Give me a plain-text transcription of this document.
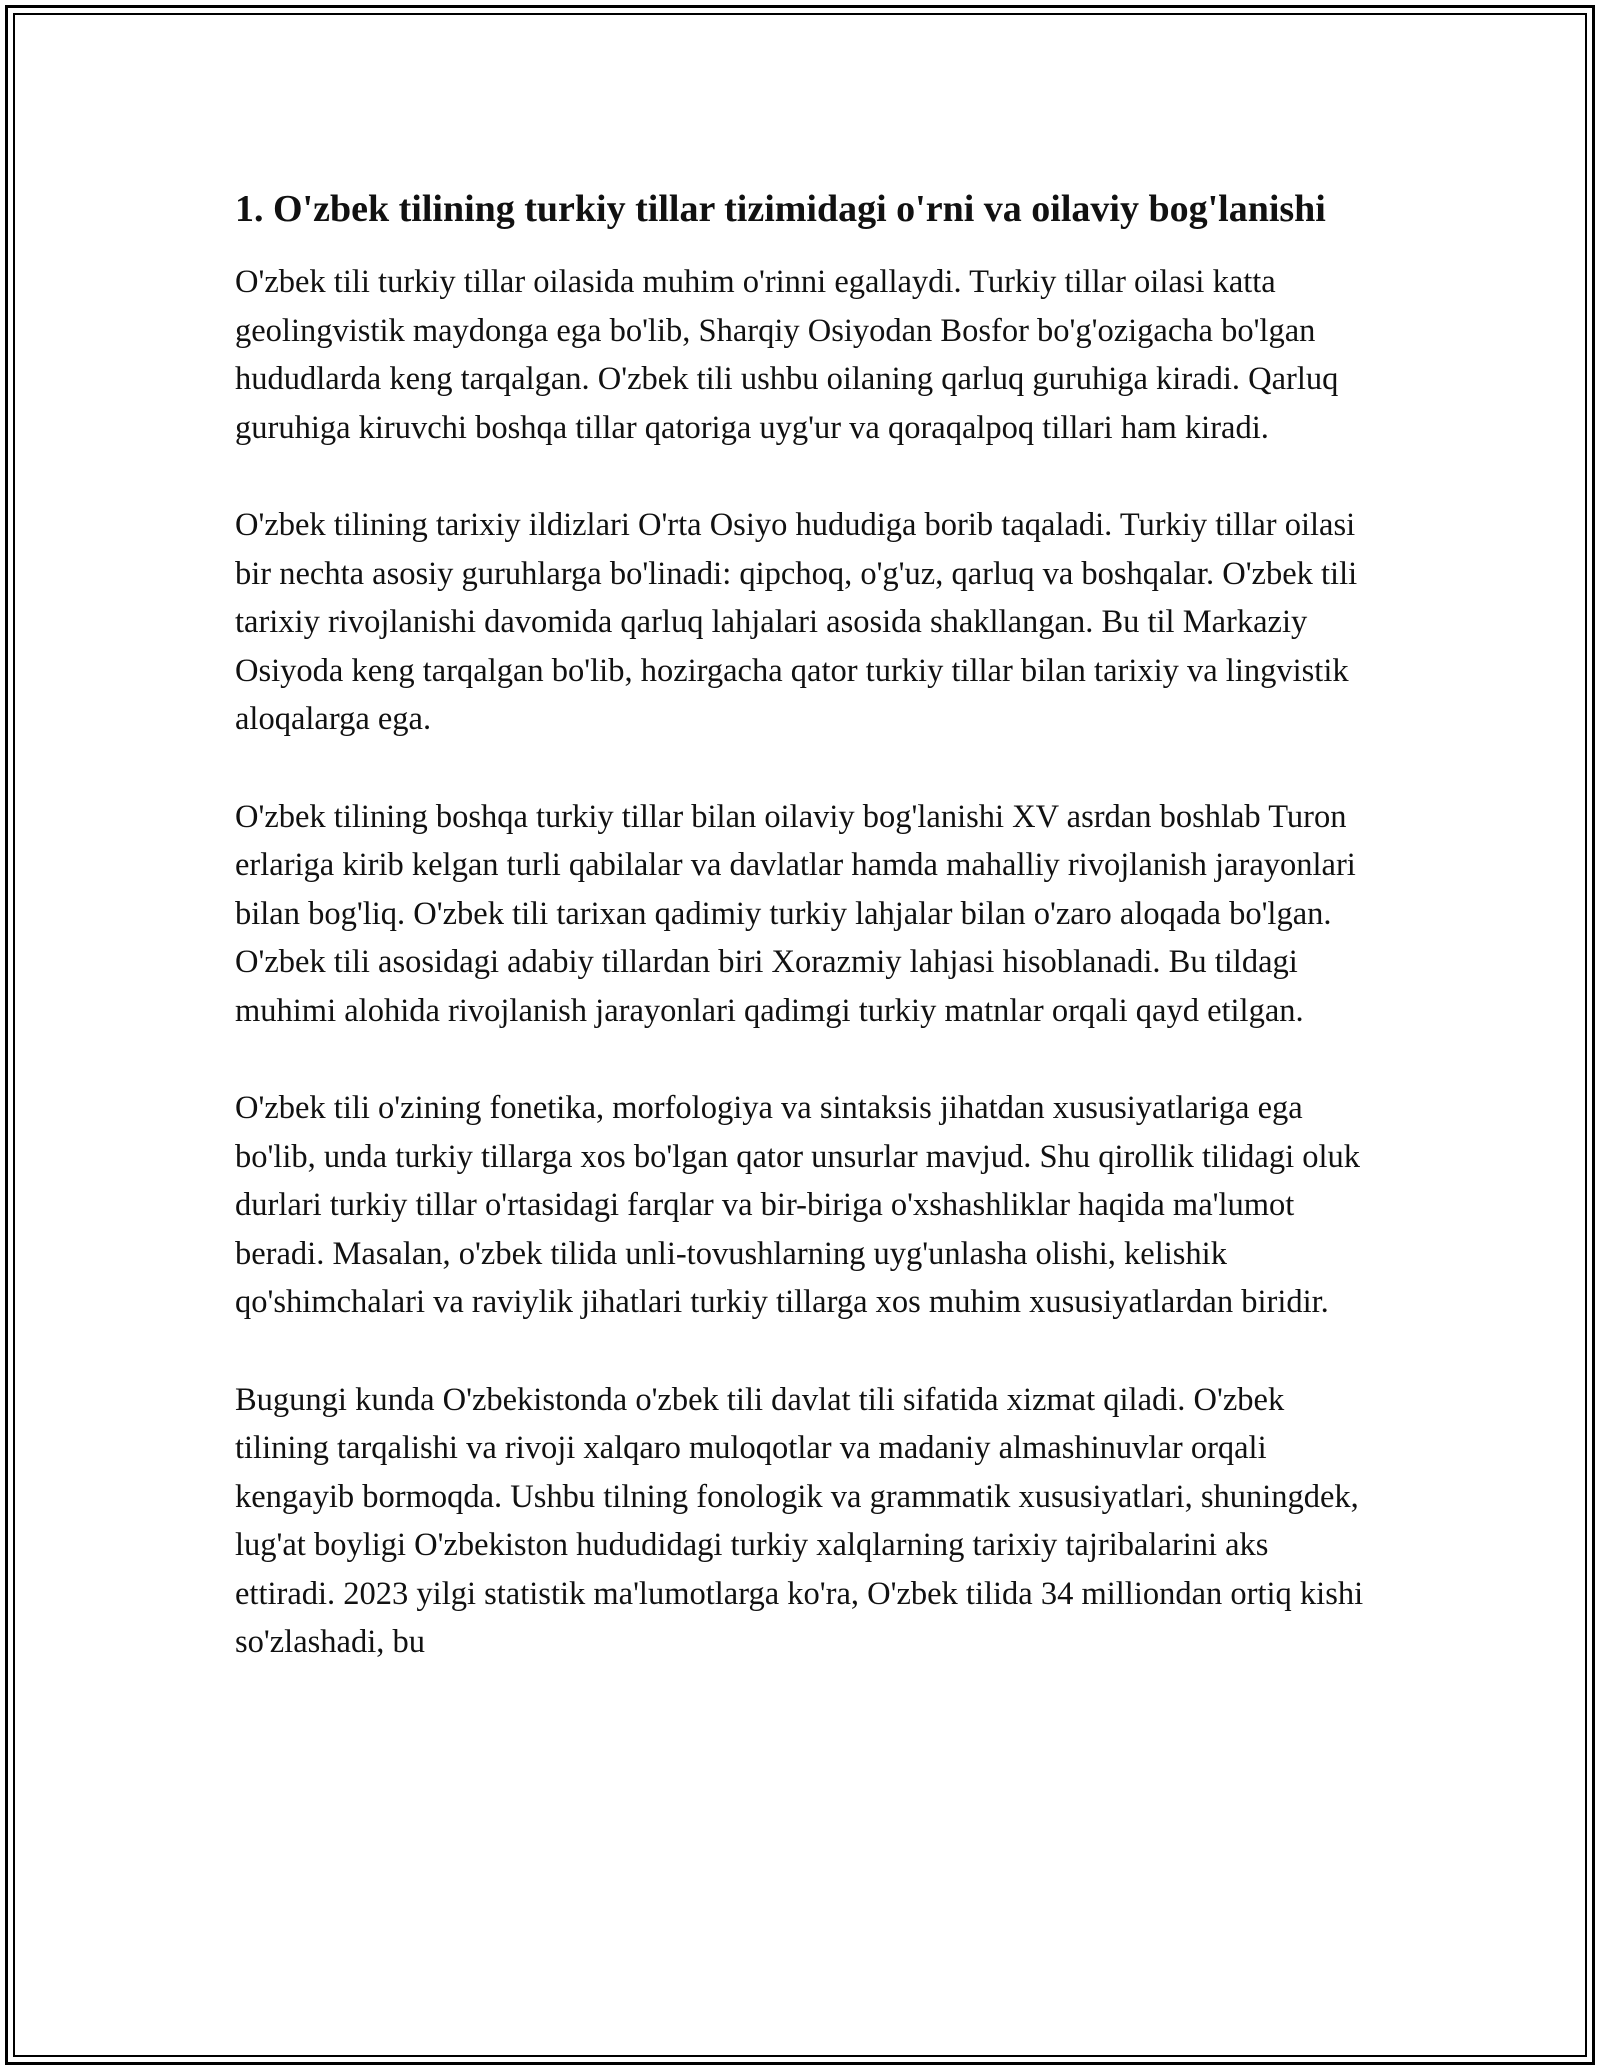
1. O'zbek tilining turkiy tillar tizimidagi o'rni va oilaviy bog'lanishi

O'zbek tili turkiy tillar oilasida muhim o'rinni egallaydi. Turkiy tillar oilasi katta geolingvistik maydonga ega bo'lib, Sharqiy Osiyodan Bosfor bo'g'ozigacha bo'lgan hududlarda keng tarqalgan. O'zbek tili ushbu oilaning qarluq guruhiga kiradi. Qarluq guruhiga kiruvchi boshqa tillar qatoriga uyg'ur va qoraqalpoq tillari ham kiradi.

O'zbek tilining tarixiy ildizlari O'rta Osiyo hududiga borib taqaladi. Turkiy tillar oilasi bir nechta asosiy guruhlarga bo'linadi: qipchoq, o'g'uz, qarluq va boshqalar. O'zbek tili tarixiy rivojlanishi davomida qarluq lahjalari asosida shakllangan. Bu til Markaziy Osiyoda keng tarqalgan bo'lib, hozirgacha qator turkiy tillar bilan tarixiy va lingvistik aloqalarga ega.

O'zbek tilining boshqa turkiy tillar bilan oilaviy bog'lanishi XV asrdan boshlab Turon erlariga kirib kelgan turli qabilalar va davlatlar hamda mahalliy rivojlanish jarayonlari bilan bog'liq. O'zbek tili tarixan qadimiy turkiy lahjalar bilan o'zaro aloqada bo'lgan. O'zbek tili asosidagi adabiy tillardan biri Xorazmiy lahjasi hisoblanadi. Bu tildagi muhimi alohida rivojlanish jarayonlari qadimgi turkiy matnlar orqali qayd etilgan.

O'zbek tili o'zining fonetika, morfologiya va sintaksis jihatdan xususiyatlariga ega bo'lib, unda turkiy tillarga xos bo'lgan qator unsurlar mavjud. Shu qirollik tilidagi oluk durlari turkiy tillar o'rtasidagi farqlar va bir-biriga o'xshashliklar haqida ma'lumot beradi. Masalan, o'zbek tilida unli-tovushlarning uyg'unlasha olishi, kelishik qo'shimchalari va raviylik jihatlari turkiy tillarga xos muhim xususiyatlardan biridir.

Bugungi kunda O'zbekistonda o'zbek tili davlat tili sifatida xizmat qiladi. O'zbek tilining tarqalishi va rivoji xalqaro muloqotlar va madaniy almashinuvlar orqali kengayib bormoqda. Ushbu tilning fonologik va grammatik xususiyatlari, shuningdek, lug'at boyligi O'zbekiston hududidagi turkiy xalqlarning tarixiy tajribalarini aks ettiradi. 2023 yilgi statistik ma'lumotlarga ko'ra, O'zbek tilida 34 milliondan ortiq kishi so'zlashadi, bu
